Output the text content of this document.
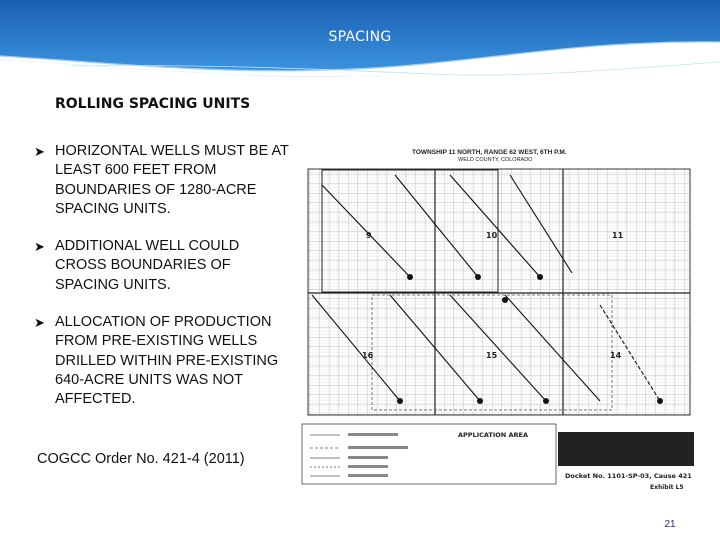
SPACING
ROLLING SPACING UNITS
➤ HORIZONTAL WELLS MUST BE AT LEAST 600 FEET FROM BOUNDARIES OF 1280-ACRE SPACING UNITS.
➤ ADDITIONAL WELL COULD CROSS BOUNDARIES OF SPACING UNITS.
➤ ALLOCATION OF PRODUCTION FROM PRE-EXISTING WELLS DRILLED WITHIN PRE-EXISTING 640-ACRE UNITS WAS NOT AFFECTED.
COGCC Order No. 421-4 (2011)
TOWNSHIP 11 NORTH, RANGE 62 WEST, 6TH P.M.
WELD COUNTY, COLORADO
9	10	11
16	15	14
APPLICATION AREA
Docket No. 1101-SP-03, Cause 421
Exhibit L5
21
